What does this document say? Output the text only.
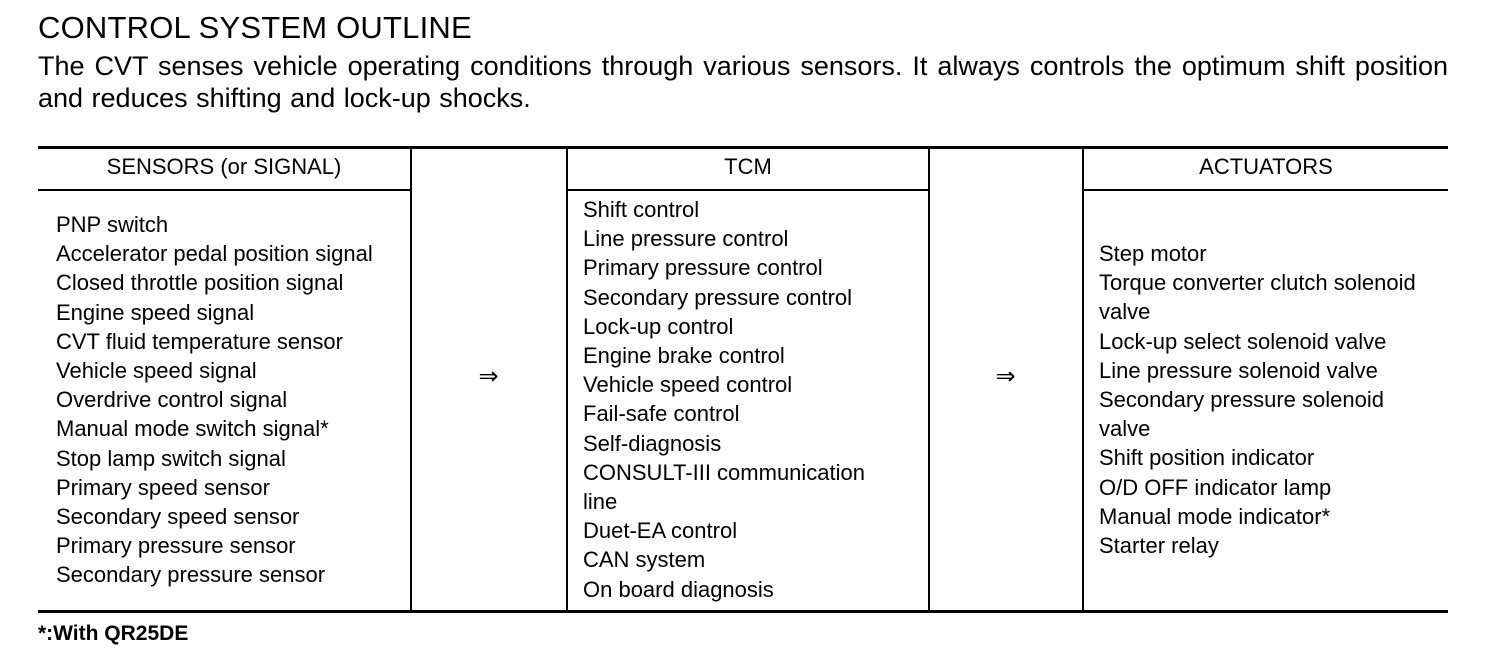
CONTROL SYSTEM OUTLINE
The CVT senses vehicle operating conditions through various sensors. It always controls the optimum shift position and reduces shifting and lock-up shocks.
SENSORS (or SIGNAL)	TCM	ACTUATORS
PNP switch
Accelerator pedal position signal
Closed throttle position signal
Engine speed signal
CVT fluid temperature sensor
Vehicle speed signal
Overdrive control signal
Manual mode switch signal*
Stop lamp switch signal
Primary speed sensor
Secondary speed sensor
Primary pressure sensor
Secondary pressure sensor
⇒
Shift control
Line pressure control
Primary pressure control
Secondary pressure control
Lock-up control
Engine brake control
Vehicle speed control
Fail-safe control
Self-diagnosis
CONSULT-III communication
line
Duet-EA control
CAN system
On board diagnosis
⇒
Step motor
Torque converter clutch solenoid
valve
Lock-up select solenoid valve
Line pressure solenoid valve
Secondary pressure solenoid
valve
Shift position indicator
O/D OFF indicator lamp
Manual mode indicator*
Starter relay
*:With QR25DE
